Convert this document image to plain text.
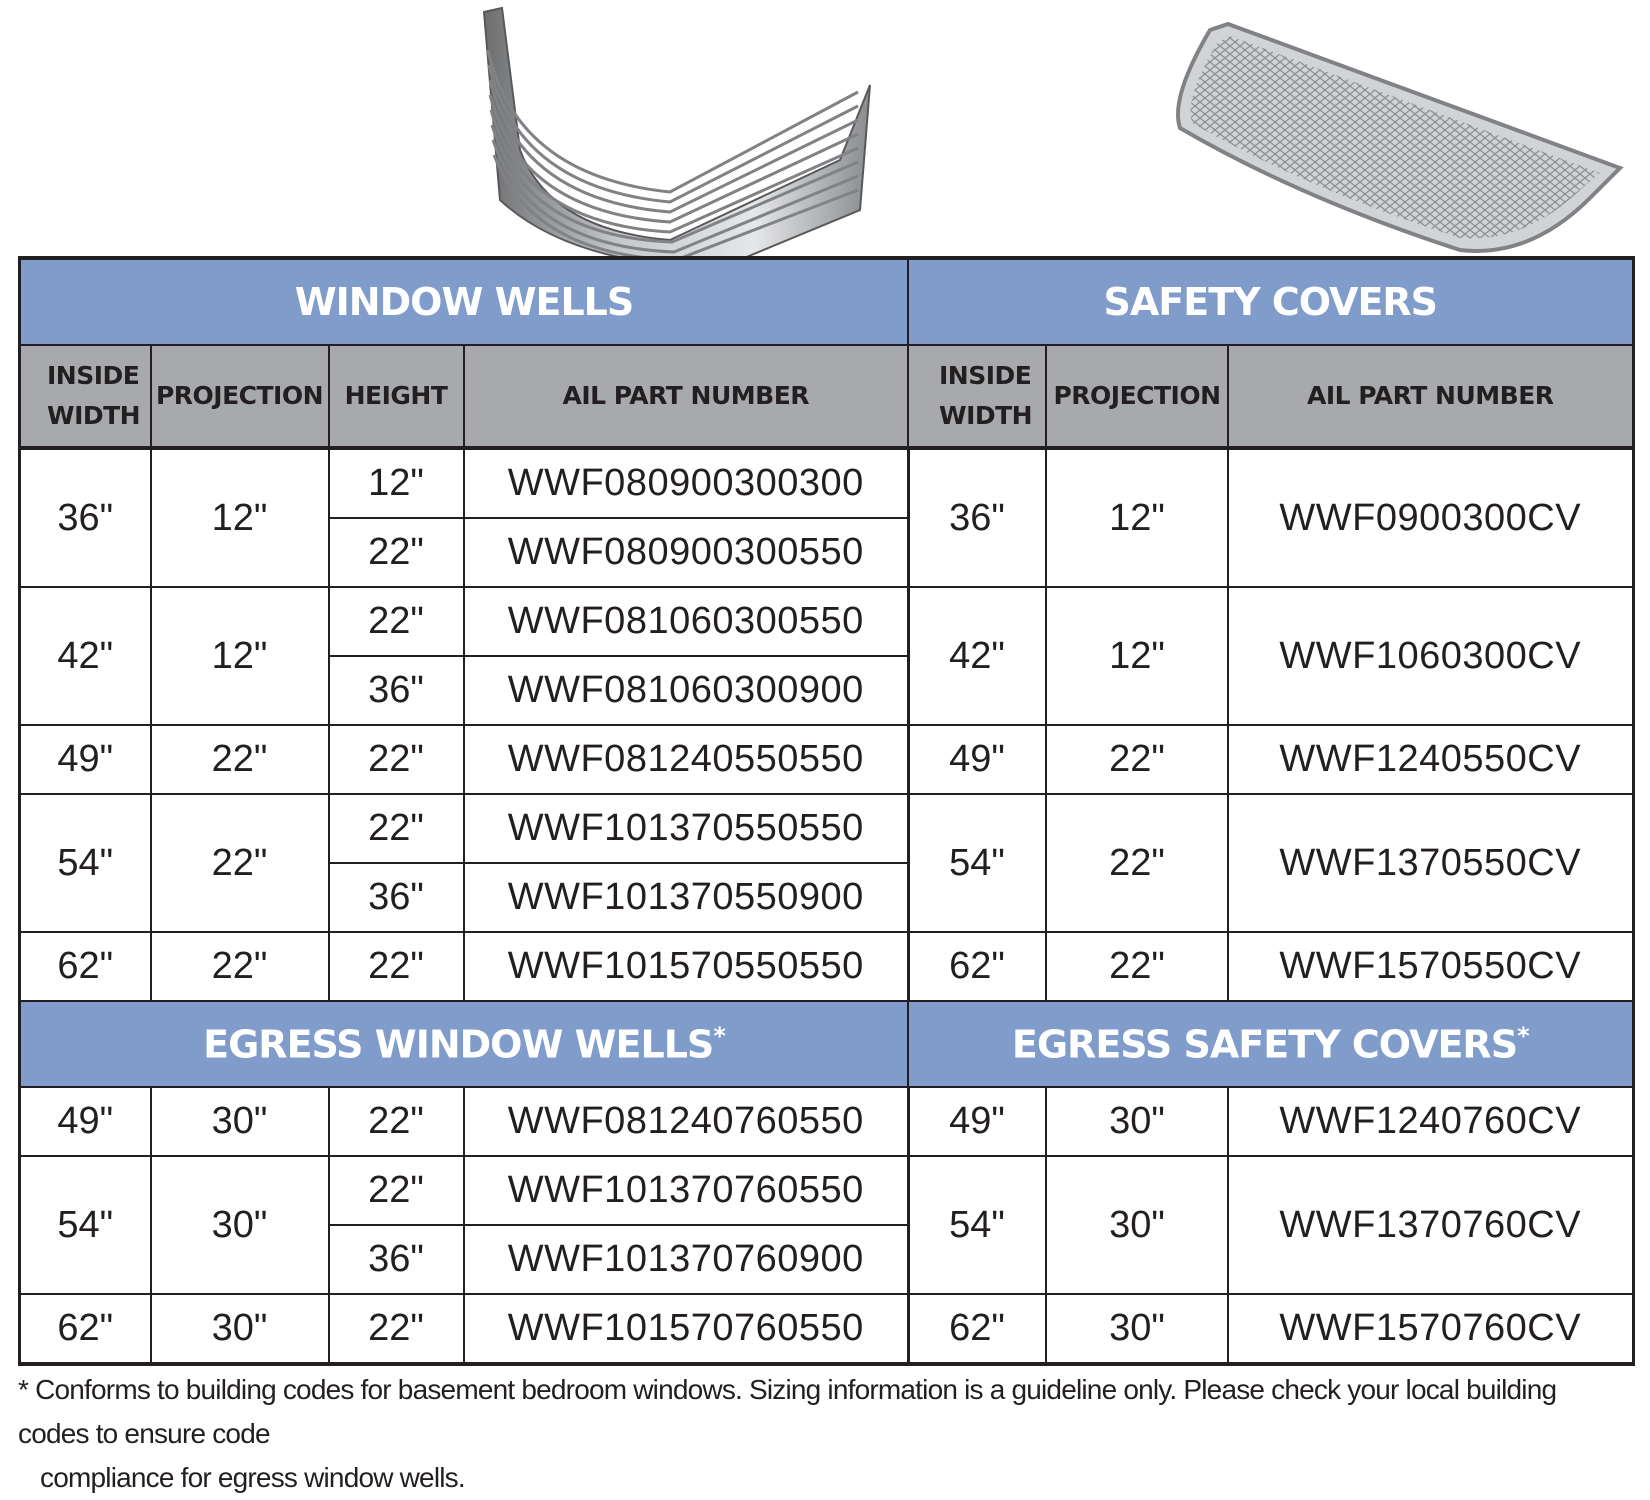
WINDOW WELLS			
INSIDE
WIDTH	PROJECTION	HEIGHT	AIL PART NUMBER
36"	12"	12"	WWF080900300300
		22"	WWF080900300550
42"	12"	22"	WWF081060300550
		36"	WWF081060300900
49"	22"	22"	WWF081240550550
54"	22"	22"	WWF101370550550
		36"	WWF101370550900
62"	22"	22"	WWF101570550550
EGRESS WINDOW WELLS*
49"	30"	22"	WWF081240760550
54"	30"	22"	WWF101370760550
		36"	WWF101370760900
62"	30"	22"	WWF101570760550
SAFETY COVERS		
INSIDE
WIDTH	PROJECTION	AIL PART NUMBER
36"	12"	WWF0900300CV
42"	12"	WWF1060300CV
49"	22"	WWF1240550CV
54"	22"	WWF1370550CV
62"	22"	WWF1570550CV
EGRESS SAFETY COVERS*
49"	30"	WWF1240760CV
54"	30"	WWF1370760CV
62"	30"	WWF1570760CV
* Conforms to building codes for basement bedroom windows. Sizing information is a guideline only. Please check your local building codes to ensure code
compliance for egress window wells.
